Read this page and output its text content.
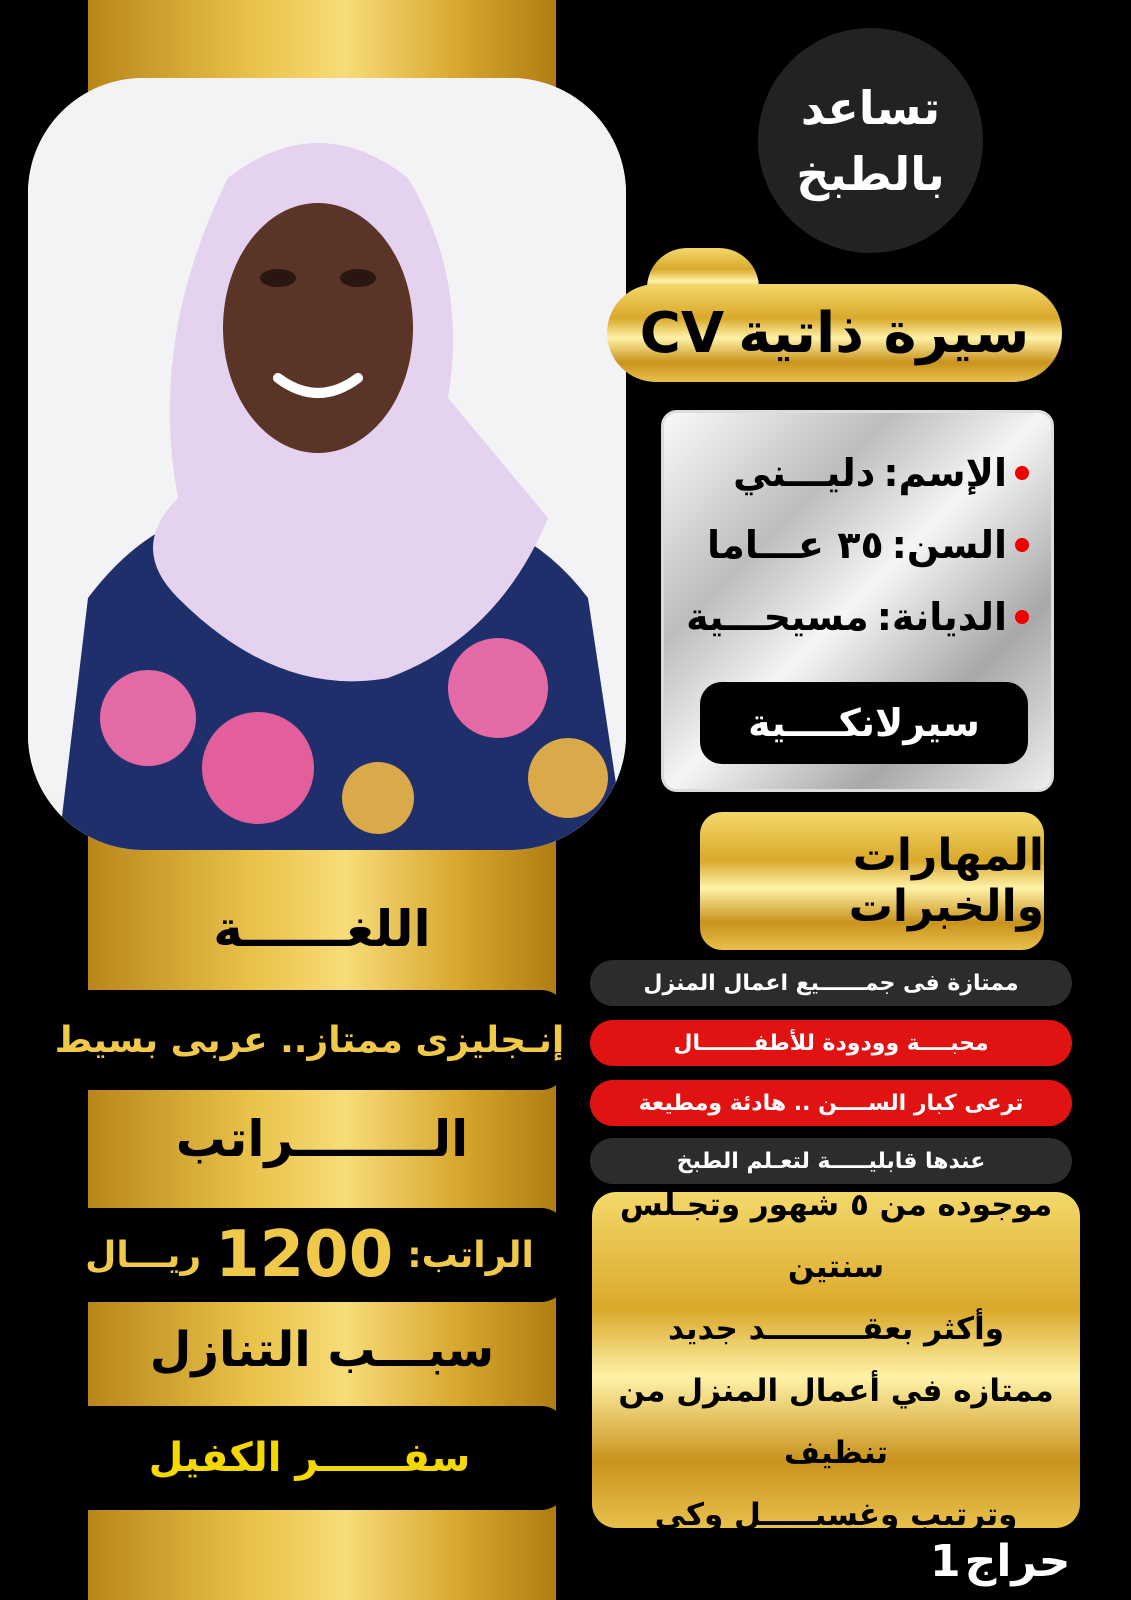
تساعد
بالطبخ
سيرة ذاتية
CV
الإسم:
دليـــني
السن:
٣٥ عـــاما
الديانة:
مسيحـــية
سيرلانكــــية
المهارات والخبرات
ممتازة فى جمــــــيع اعمال المنزل
محبــــة وودودة للأطفـــــــال
ترعى كبار الســــن .. هادئة ومطيعة
عندها قابليـــــة لتعـلم الطبخ
موجوده من ٥ شهور وتجـلس سنتين
وأكثر بعقـــــــــد جديد
ممتازه في أعمال المنزل من تنظيف
وترتيب وغسيـــــل وكي
اللغــــــة
إنـجليزى ممتاز.. عربى بسيط
الــــــــراتب
الراتب:
1200
ريـــال
سبـــب التنازل
سفــــــر الكفيل
حراج
1
